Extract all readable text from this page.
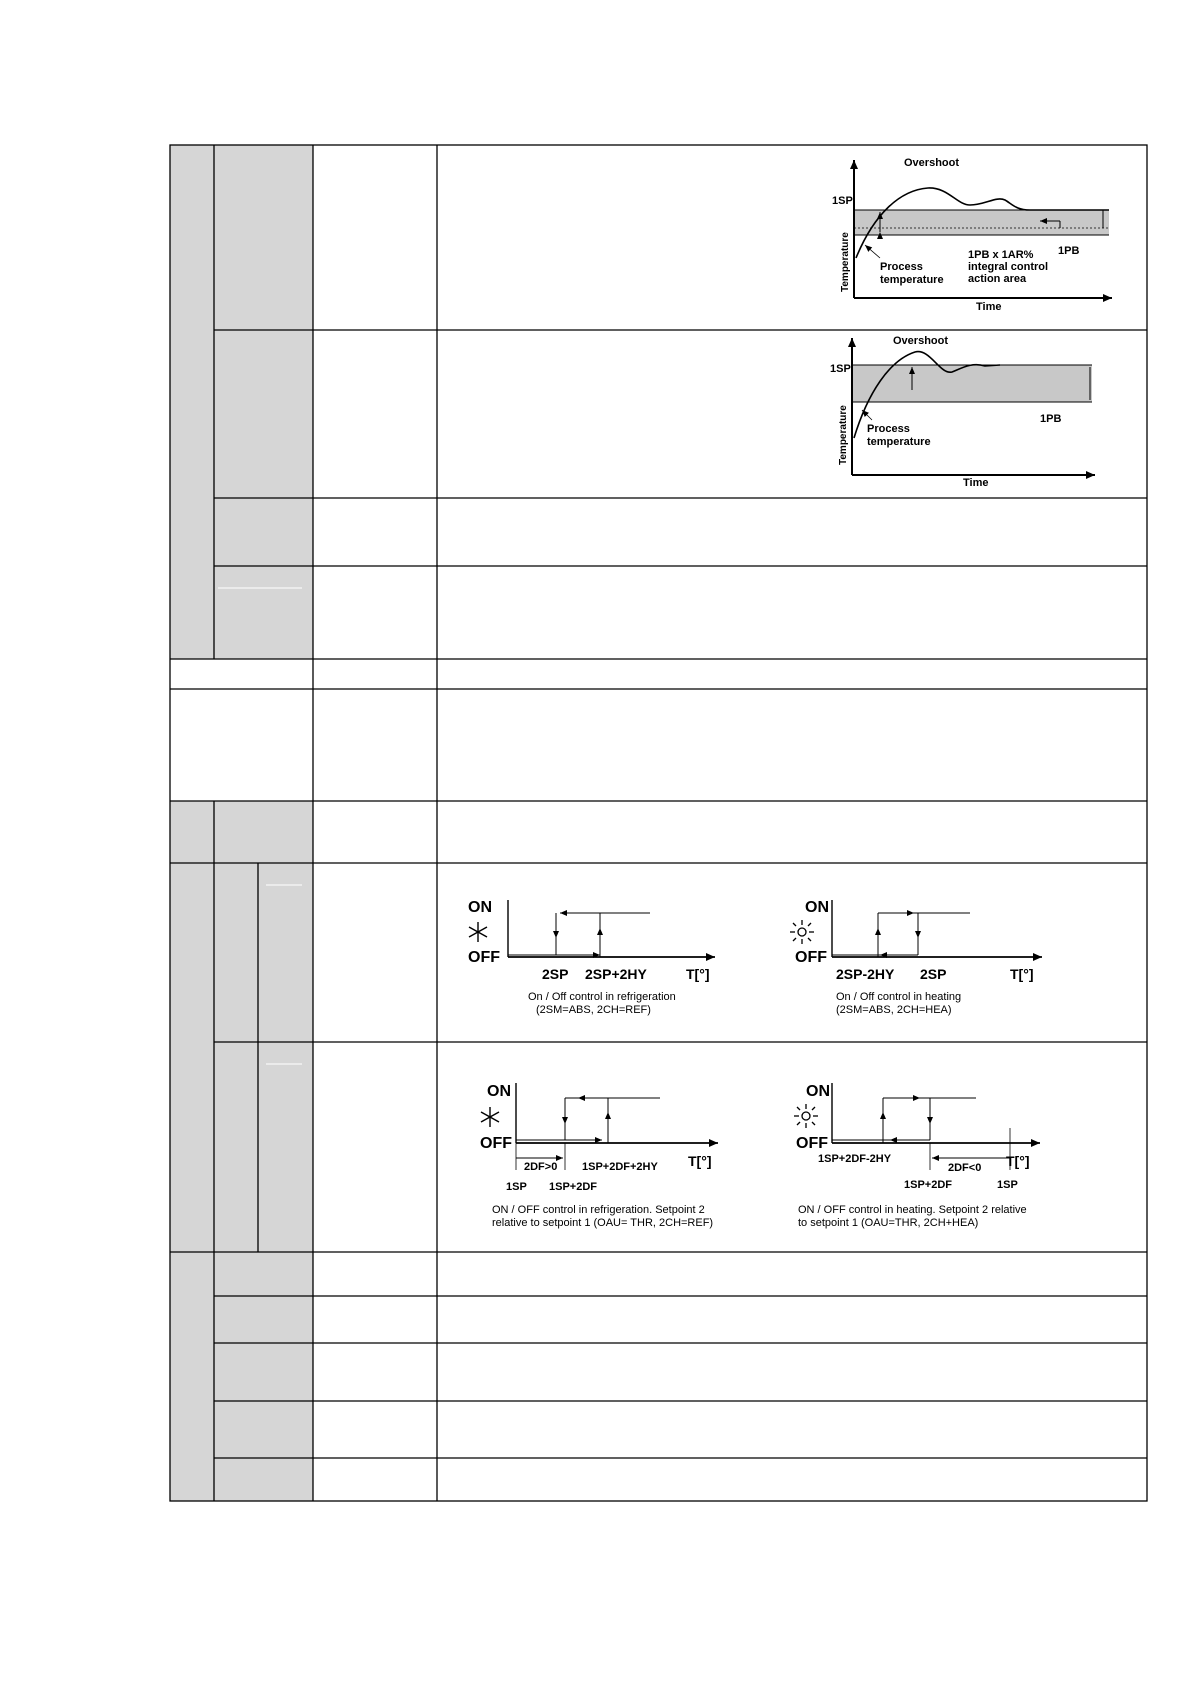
Overshoot
1SP
Temperature
Time
Process
temperature
1PB x 1AR%
integral control
action area
1PB
Overshoot
1SP
Temperature
Time
Process
temperature
1PB
ON
OFF
2SP 2SP+2HY	T[°]
On / Off control in refrigeration
(2SM=ABS, 2CH=REF)
ON
OFF
2SP-2HY 2SP	T[°]
On / Off control in heating
(2SM=ABS, 2CH=HEA)
ON
OFF
T[°]
2DF>0 1SP+2DF+2HY
1SP 1SP+2DF
ON / OFF control in refrigeration. Setpoint 2
relative to setpoint 1 (OAU= THR, 2CH=REF)
ON
OFF
T[°]
2DF<0
1SP+2DF-2HY
1SP+2DF	1SP
ON / OFF control in heating. Setpoint 2 relative
to setpoint 1 (OAU=THR, 2CH+HEA)
